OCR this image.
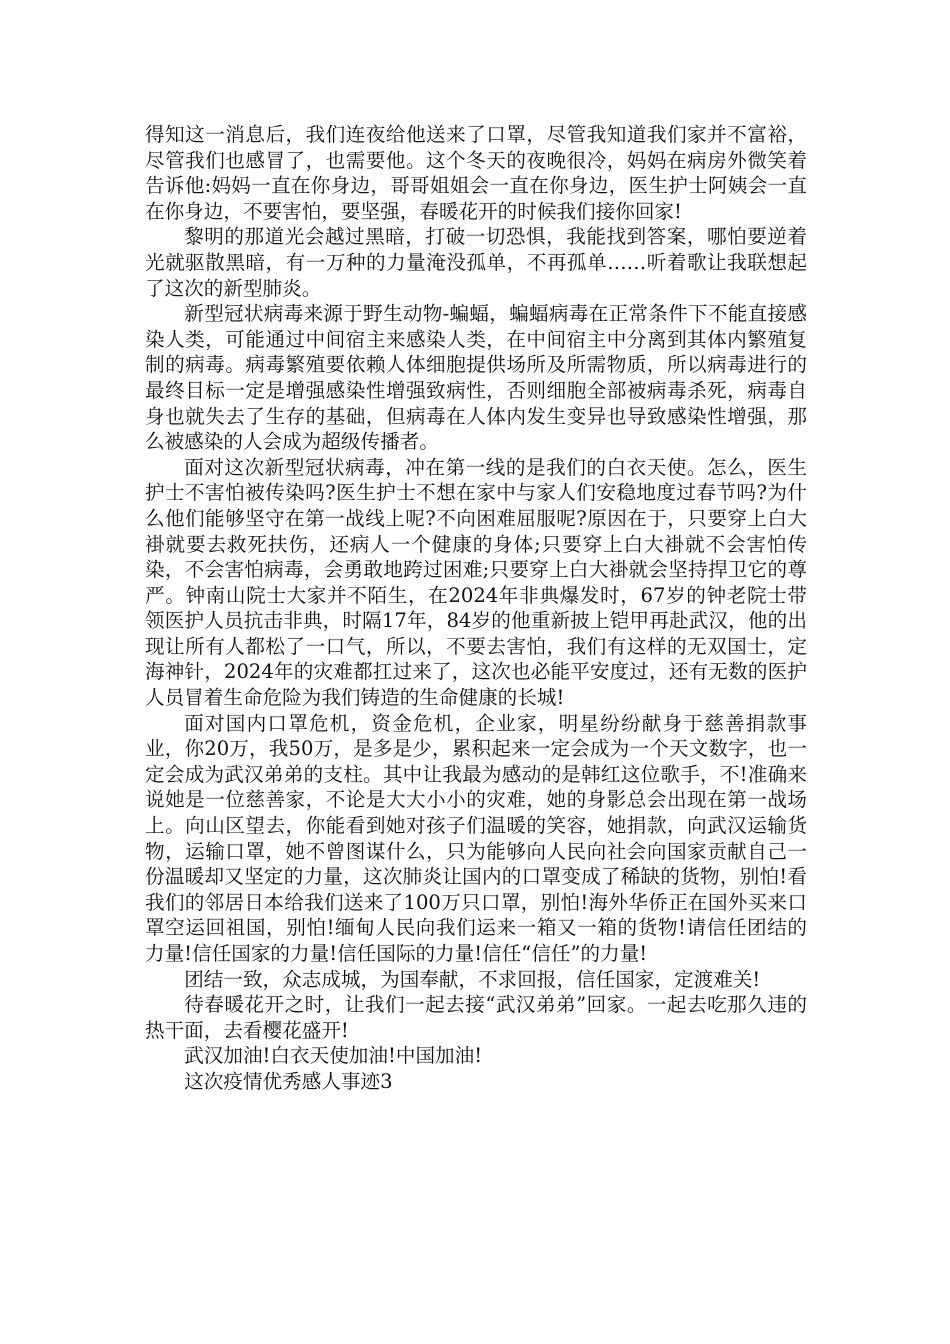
得知这一消息后，我们连夜给他送来了口罩，尽管我知道我们家并不富裕，尽管我们也感冒了，也需要他。这个冬天的夜晚很冷，妈妈在病房外微笑着告诉他:妈妈一直在你身边，哥哥姐姐会一直在你身边，医生护士阿姨会一直在你身边，不要害怕，要坚强，春暖花开的时候我们接你回家!

黎明的那道光会越过黑暗，打破一切恐惧，我能找到答案，哪怕要逆着光就驱散黑暗，有一万种的力量淹没孤单，不再孤单……听着歌让我联想起了这次的新型肺炎。

新型冠状病毒来源于野生动物-蝙蝠，蝙蝠病毒在正常条件下不能直接感染人类，可能通过中间宿主来感染人类，在中间宿主中分离到其体内繁殖复制的病毒。病毒繁殖要依赖人体细胞提供场所及所需物质，所以病毒进行的最终目标一定是增强感染性增强致病性，否则细胞全部被病毒杀死，病毒自身也就失去了生存的基础，但病毒在人体内发生变异也导致感染性增强，那么被感染的人会成为超级传播者。

面对这次新型冠状病毒，冲在第一线的是我们的白衣天使。怎么，医生护士不害怕被传染吗?医生护士不想在家中与家人们安稳地度过春节吗?为什么他们能够坚守在第一战线上呢?不向困难屈服呢?原因在于，只要穿上白大褂就要去救死扶伤，还病人一个健康的身体;只要穿上白大褂就不会害怕传染，不会害怕病毒，会勇敢地跨过困难;只要穿上白大褂就会坚持捍卫它的尊严。钟南山院士大家并不陌生，在2024年非典爆发时，67岁的钟老院士带领医护人员抗击非典，时隔17年，84岁的他重新披上铠甲再赴武汉，他的出现让所有人都松了一口气，所以，不要去害怕，我们有这样的无双国士，定海神针，2024年的灾难都扛过来了，这次也必能平安度过，还有无数的医护人员冒着生命危险为我们铸造的生命健康的长城!

面对国内口罩危机，资金危机，企业家，明星纷纷献身于慈善捐款事业，你20万，我50万，是多是少，累积起来一定会成为一个天文数字，也一定会成为武汉弟弟的支柱。其中让我最为感动的是韩红这位歌手，不!准确来说她是一位慈善家，不论是大大小小的灾难，她的身影总会出现在第一战场上。向山区望去，你能看到她对孩子们温暖的笑容，她捐款，向武汉运输货物，运输口罩，她不曾图谋什么，只为能够向人民向社会向国家贡献自己一份温暖却又坚定的力量，这次肺炎让国内的口罩变成了稀缺的货物，别怕!看我们的邻居日本给我们送来了100万只口罩，别怕!海外华侨正在国外买来口罩空运回祖国，别怕!缅甸人民向我们运来一箱又一箱的货物!请信任团结的力量!信任国家的力量!信任国际的力量!信任“信任”的力量!

团结一致，众志成城，为国奉献，不求回报，信任国家，定渡难关!

待春暖花开之时，让我们一起去接“武汉弟弟”回家。一起去吃那久违的热干面，去看樱花盛开!

武汉加油!白衣天使加油!中国加油!

这次疫情优秀感人事迹3
